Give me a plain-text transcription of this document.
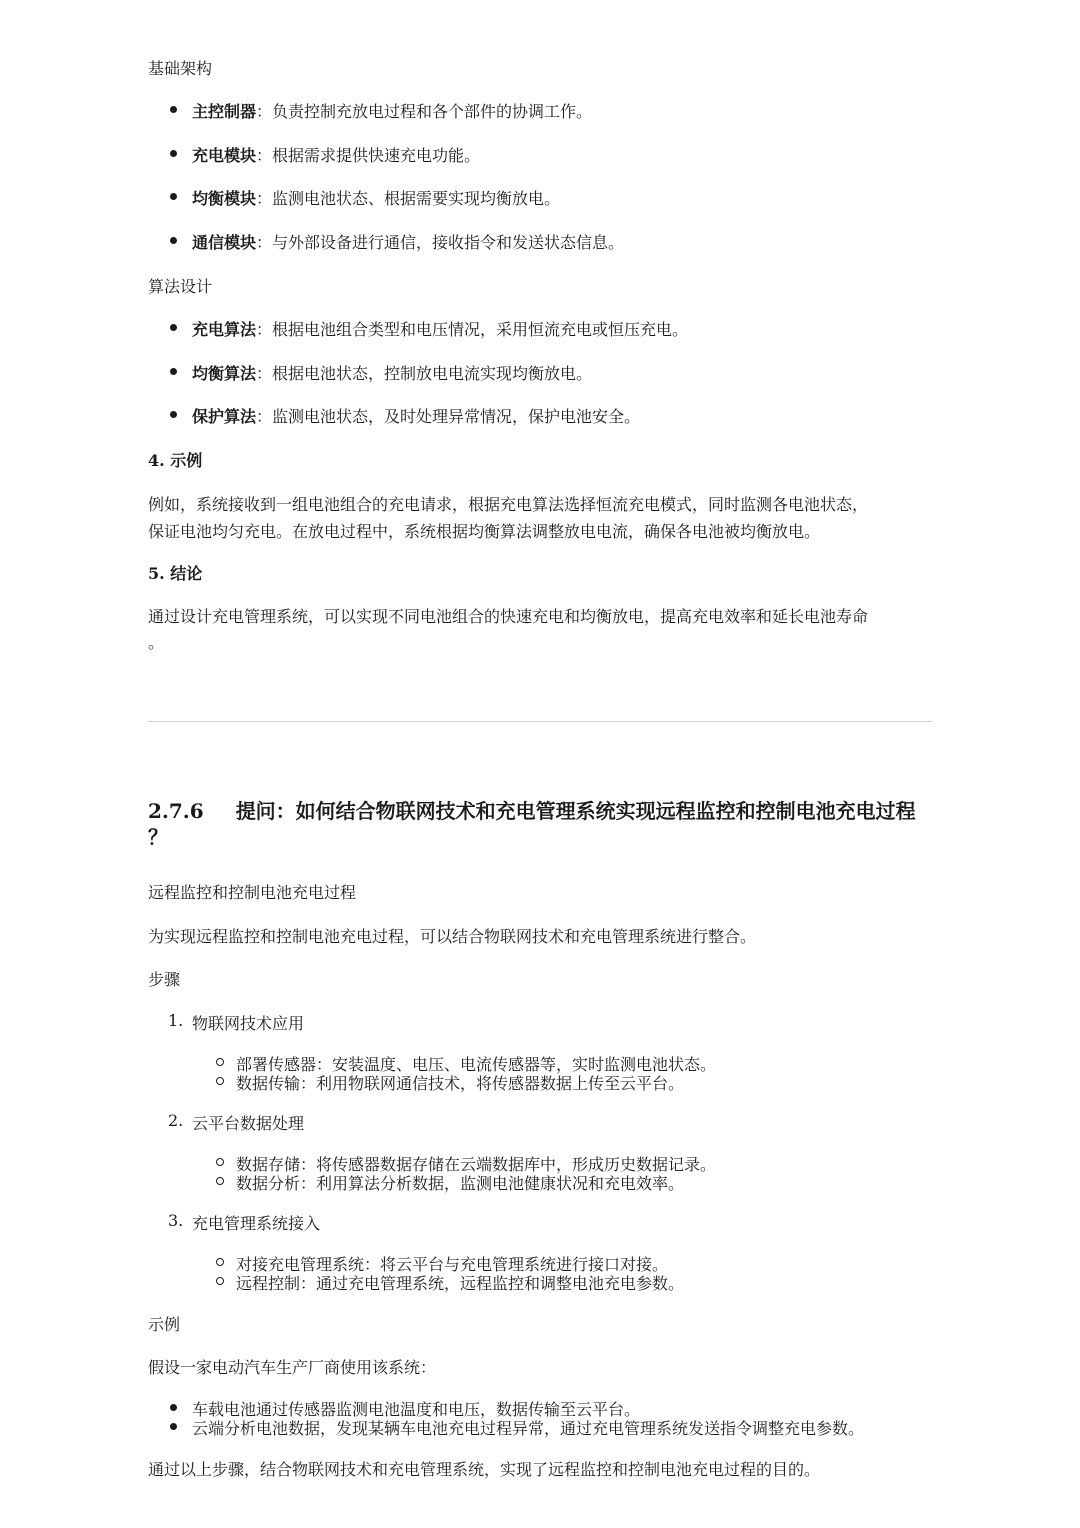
基础架构
主控制器：负责控制充放电过程和各个部件的协调工作。
充电模块：根据需求提供快速充电功能。
均衡模块：监测电池状态、根据需要实现均衡放电。
通信模块：与外部设备进行通信，接收指令和发送状态信息。
算法设计
充电算法：根据电池组合类型和电压情况，采用恒流充电或恒压充电。
均衡算法：根据电池状态，控制放电电流实现均衡放电。
保护算法：监测电池状态，及时处理异常情况，保护电池安全。
4. 示例
例如，系统接收到一组电池组合的充电请求，根据充电算法选择恒流充电模式，同时监测各电池状态，
保证电池均匀充电。在放电过程中，系统根据均衡算法调整放电电流，确保各电池被均衡放电。
5. 结论
通过设计充电管理系统，可以实现不同电池组合的快速充电和均衡放电，提高充电效率和延长电池寿命
。
2.7.6 提问：如何结合物联网技术和充电管理系统实现远程监控和控制电池充电过程
？
远程监控和控制电池充电过程
为实现远程监控和控制电池充电过程，可以结合物联网技术和充电管理系统进行整合。
步骤
1. 物联网技术应用
部署传感器：安装温度、电压、电流传感器等，实时监测电池状态。
数据传输：利用物联网通信技术，将传感器数据上传至云平台。
2. 云平台数据处理
数据存储：将传感器数据存储在云端数据库中，形成历史数据记录。
数据分析：利用算法分析数据，监测电池健康状况和充电效率。
3. 充电管理系统接入
对接充电管理系统：将云平台与充电管理系统进行接口对接。
远程控制：通过充电管理系统，远程监控和调整电池充电参数。
示例
假设一家电动汽车生产厂商使用该系统：
车载电池通过传感器监测电池温度和电压，数据传输至云平台。
云端分析电池数据，发现某辆车电池充电过程异常，通过充电管理系统发送指令调整充电参数。
通过以上步骤，结合物联网技术和充电管理系统，实现了远程监控和控制电池充电过程的目的。
